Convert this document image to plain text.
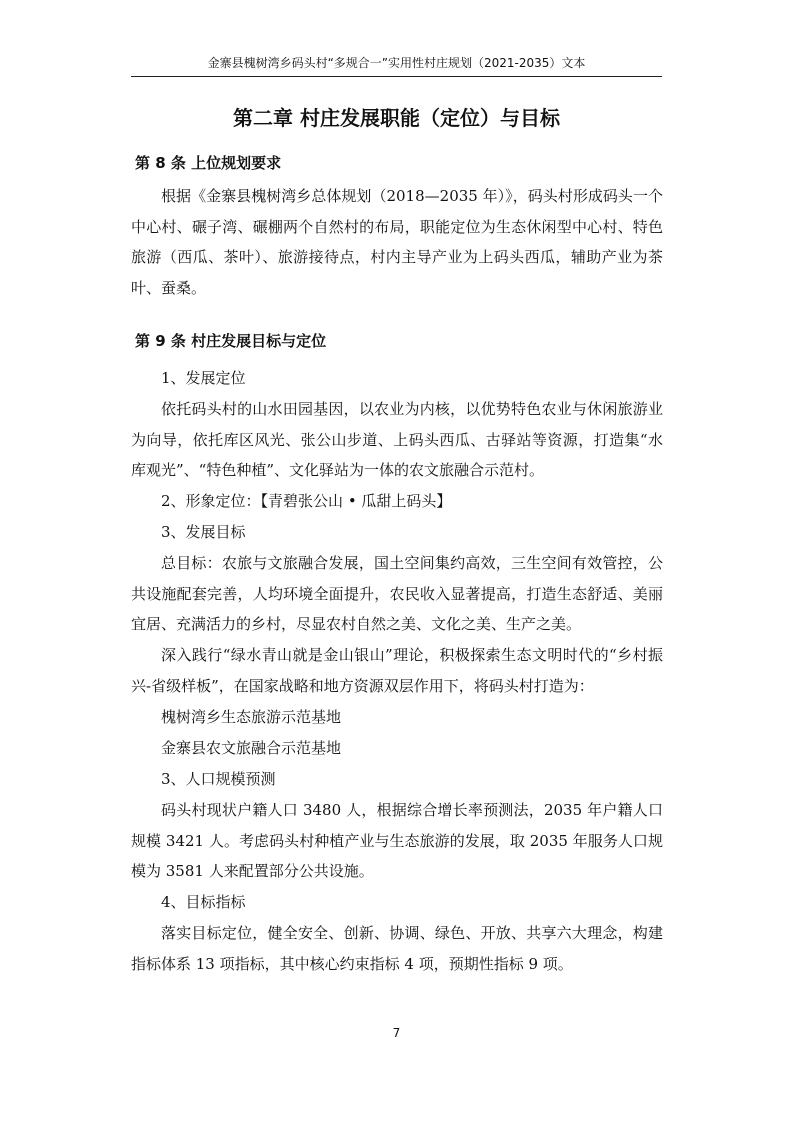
金寨县槐树湾乡码头村“多规合一”实用性村庄规划（2021-2035）文本
第二章 村庄发展职能（定位）与目标
第 8 条 上位规划要求
根据《金寨县槐树湾乡总体规划（2018—2035 年）》，码头村形成码头一个中心村、碾子湾、碾棚两个自然村的布局，职能定位为生态休闲型中心村、特色旅游（西瓜、茶叶）、旅游接待点，村内主导产业为上码头西瓜，辅助产业为茶叶、蚕桑。
第 9 条 村庄发展目标与定位
1、发展定位
依托码头村的山水田园基因，以农业为内核，以优势特色农业与休闲旅游业为向导，依托库区风光、张公山步道、上码头西瓜、古驿站等资源，打造集“水库观光”、“特色种植”、文化驿站为一体的农文旅融合示范村。
2、形象定位：【青碧张公山 • 瓜甜上码头】
3、发展目标
总目标：农旅与文旅融合发展，国土空间集约高效，三生空间有效管控，公共设施配套完善，人均环境全面提升，农民收入显著提高，打造生态舒适、美丽宜居、充满活力的乡村，尽显农村自然之美、文化之美、生产之美。
深入践行“绿水青山就是金山银山”理论，积极探索生态文明时代的“乡村振兴-省级样板”，在国家战略和地方资源双层作用下，将码头村打造为：
槐树湾乡生态旅游示范基地
金寨县农文旅融合示范基地
3、人口规模预测
码头村现状户籍人口 3480 人，根据综合增长率预测法，2035 年户籍人口规模 3421 人。考虑码头村种植产业与生态旅游的发展，取 2035 年服务人口规模为 3581 人来配置部分公共设施。
4、目标指标
落实目标定位，健全安全、创新、协调、绿色、开放、共享六大理念，构建指标体系 13 项指标，其中核心约束指标 4 项，预期性指标 9 项。
7
